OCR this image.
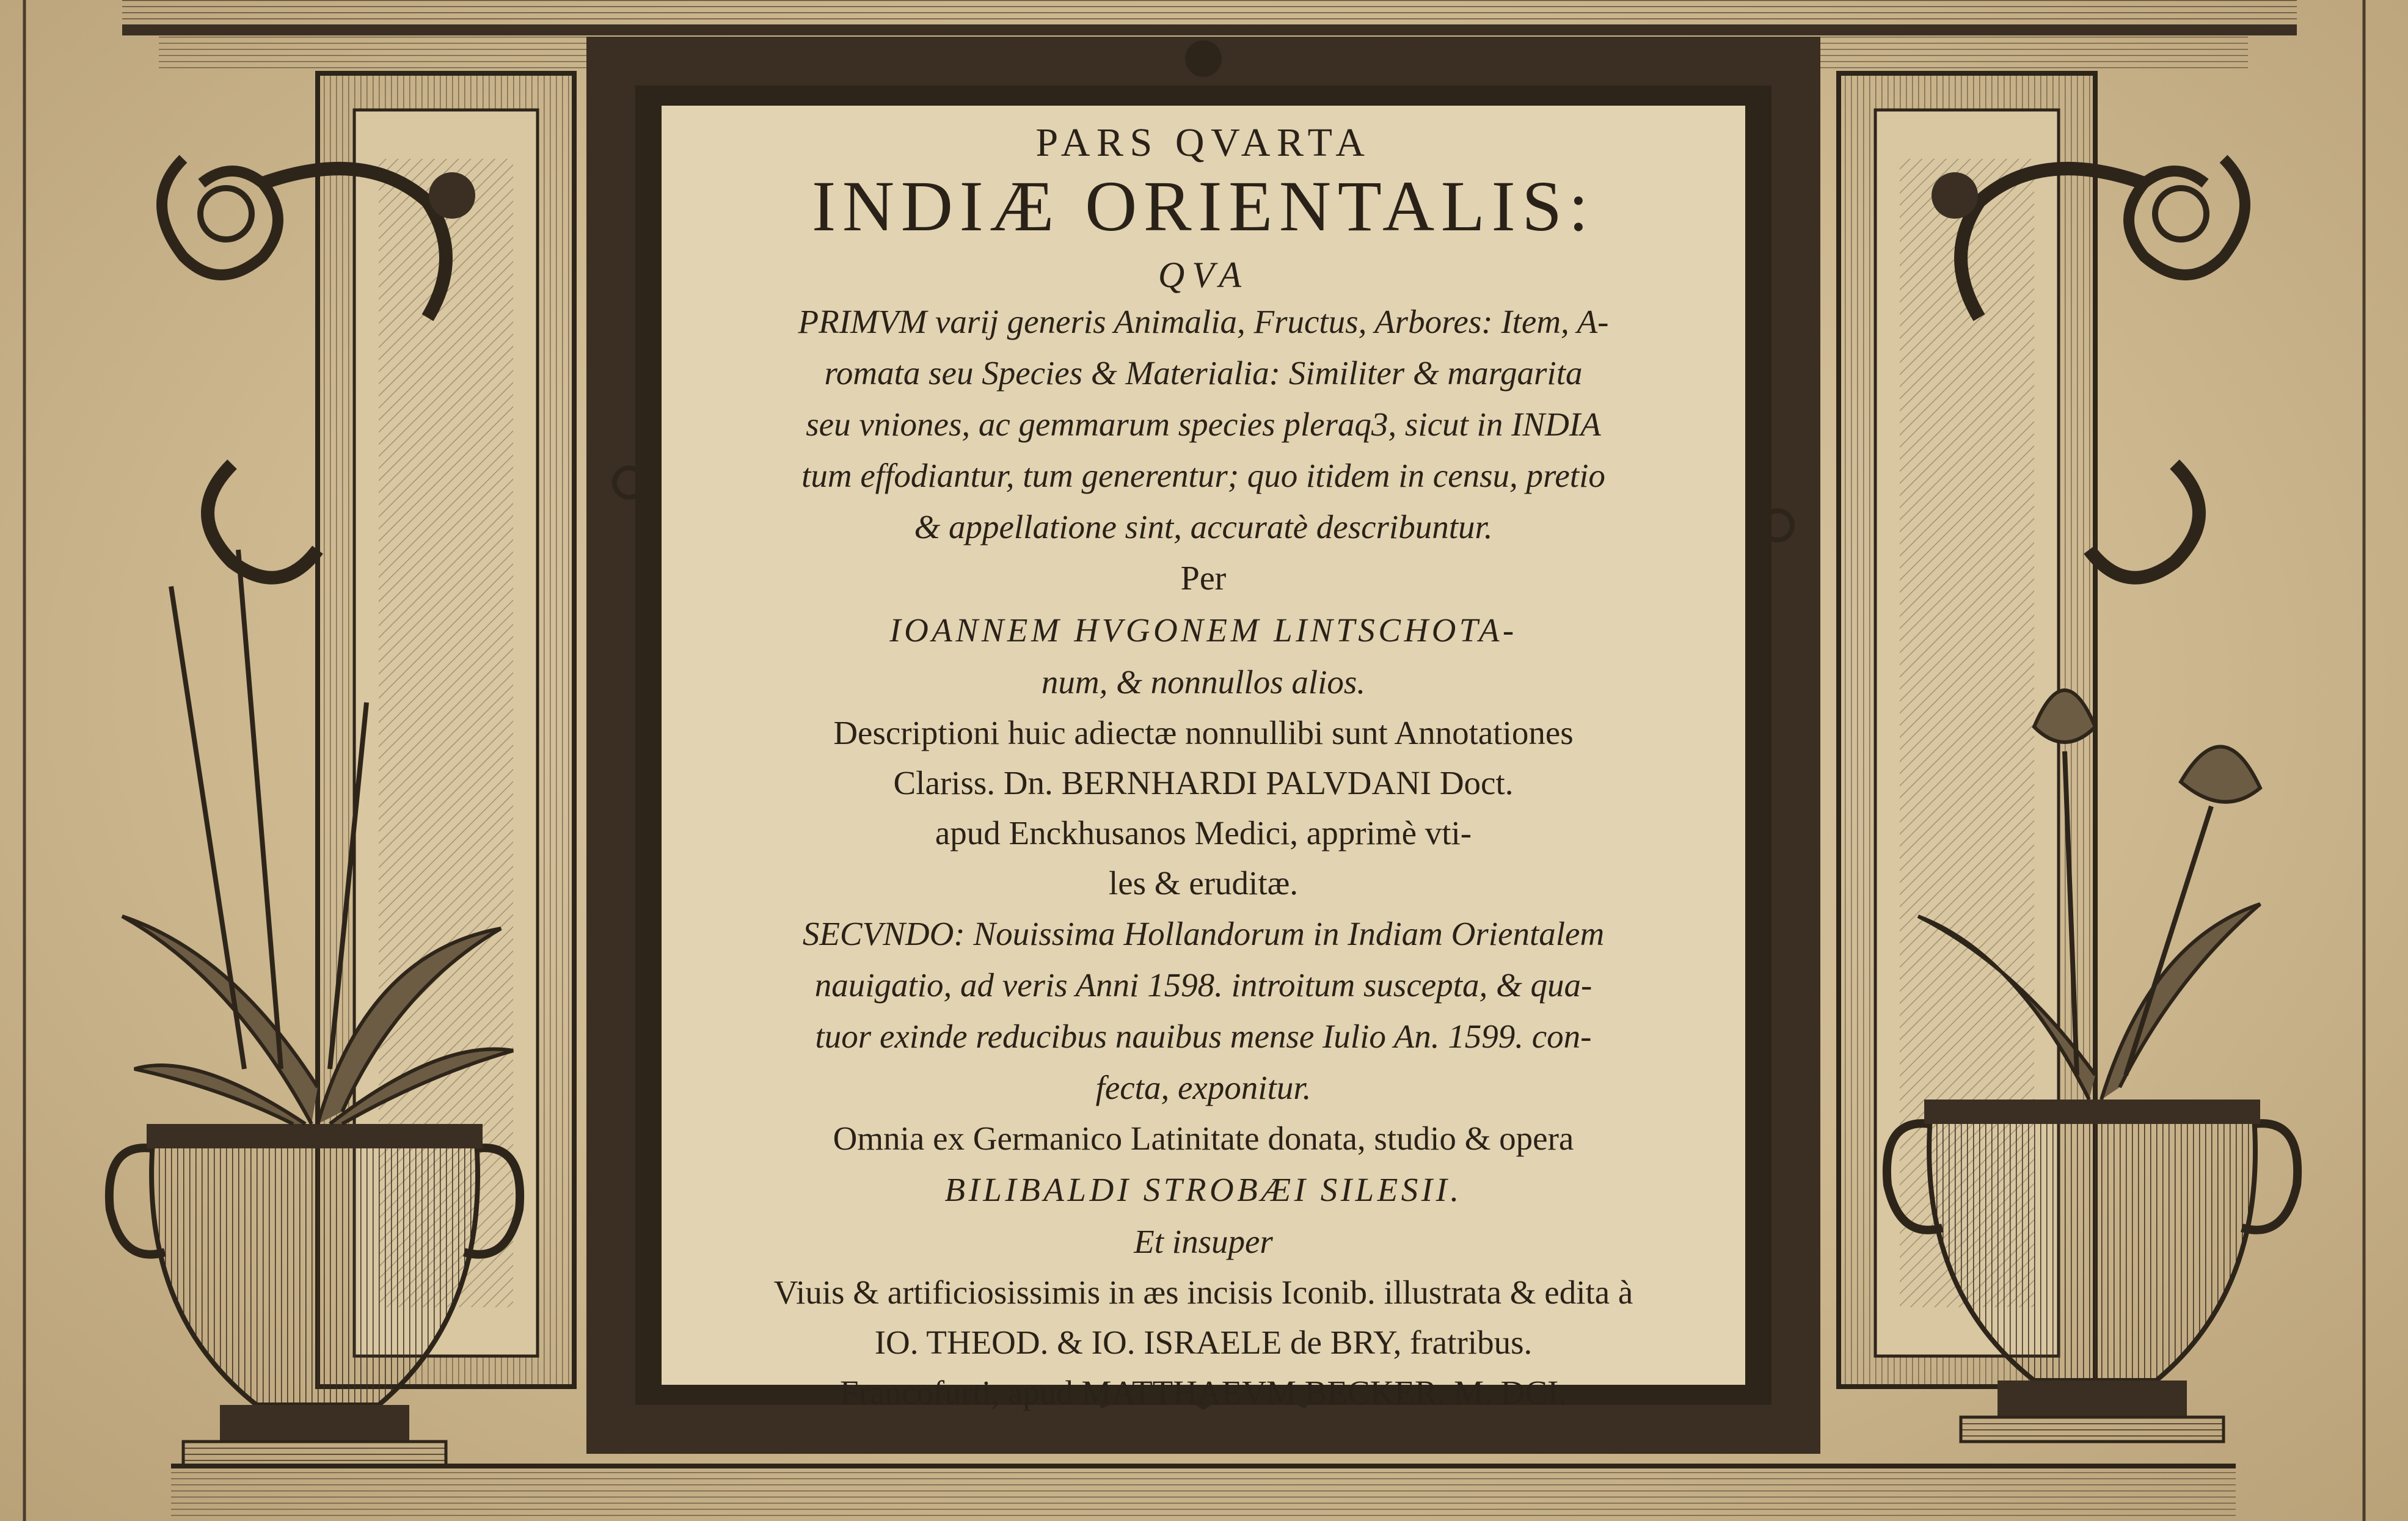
PARS QVARTA
INDIÆ ORIENTALIS:
QVA
PRIMVM varij generis Animalia, Fructus, Arbores: Item, A-
romata seu Species & Materialia: Similiter & margarita
seu vniones, ac gemmarum species pleraq3, sicut in INDIA
tum effodiantur, tum generentur; quo itidem in censu, pretio
& appellatione sint, accuratè describuntur.
Per
IOANNEM HVGONEM LINTSCHOTA-
num, & nonnullos alios.
Descriptioni huic adiectæ nonnullibi sunt Annotationes
Clariss. Dn. BERNHARDI PALVDANI Doct.
apud Enckhusanos Medici, apprimè vti-
les & eruditæ.
SECVNDO: Nouissima Hollandorum in Indiam Orientalem
nauigatio, ad veris Anni 1598. introitum suscepta, & qua-
tuor exinde reducibus nauibus mense Iulio An. 1599. con-
fecta, exponitur.
Omnia ex Germanico Latinitate donata, studio & opera
BILIBALDI STROBÆI SILESII.
Et insuper
Viuis & artificiosissimis in æs incisis Iconib. illustrata & edita à
IO. THEOD. & IO. ISRAELE de BRY, fratribus.
Francofurti, apud MATTHAEVM BECKER. M. DCI.
